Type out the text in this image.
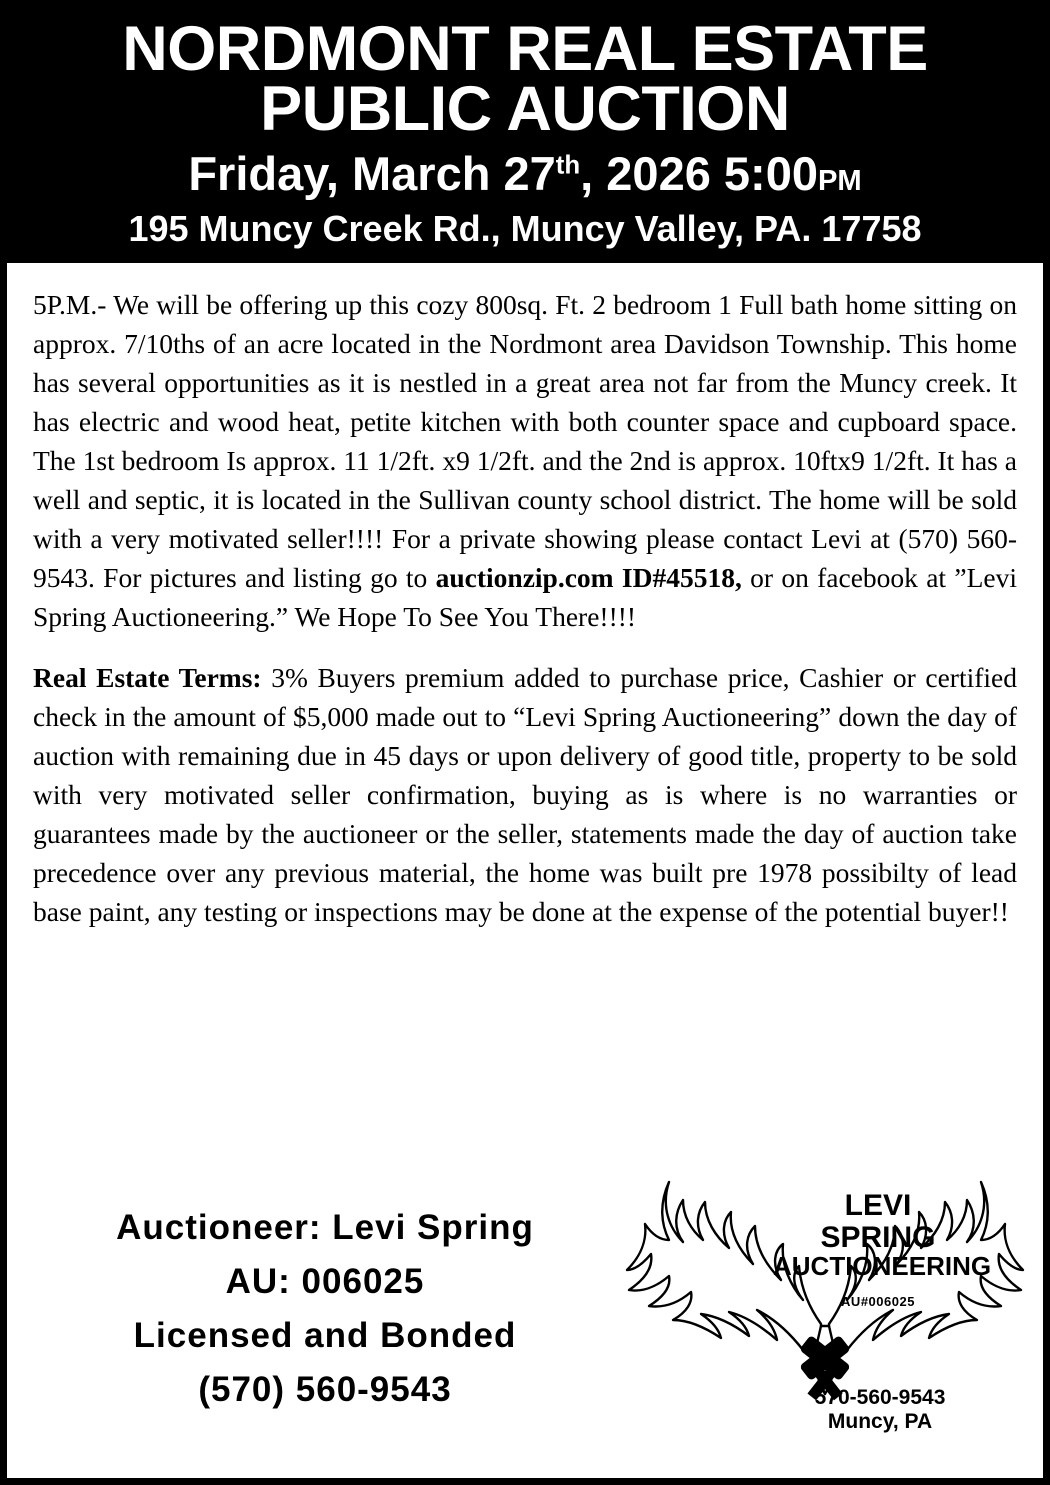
NORDMONT REAL ESTATE
PUBLIC AUCTION
Friday, March 27th, 2026 5:00PM
195 Muncy Creek Rd., Muncy Valley, PA. 17758

5P.M.- We will be offering up this cozy 800sq. Ft. 2 bedroom 1 Full bath home sitting on approx. 7/10ths of an acre located in the Nordmont area Davidson Township. This home has several opportunities as it is nestled in a great area not far from the Muncy creek. It has electric and wood heat, petite kitchen with both counter space and cupboard space. The 1st bedroom Is approx. 11 1/2ft. x9 1/2ft. and the 2nd is approx. 10ftx9 1/2ft. It has a well and septic, it is located in the Sullivan county school district. The home will be sold with a very motivated seller!!!! For a private showing please contact Levi at (570) 560-9543. For pictures and listing go to auctionzip.com ID#45518, or on facebook at ”Levi Spring Auctioneering.” We Hope To See You There!!!!

Real Estate Terms: 3% Buyers premium added to purchase price, Cashier or certified check in the amount of $5,000 made out to “Levi Spring Auctioneering” down the day of auction with remaining due in 45 days or upon delivery of good title, property to be sold with very motivated seller confirmation, buying as is where is no warranties or guarantees made by the auctioneer or the seller, statements made the day of auction take precedence over any previous material, the home was built pre 1978 possibilty of lead base paint, any testing or inspections may be done at the expense of the potential buyer!!

Auctioneer: Levi Spring
AU: 006025
Licensed and Bonded
(570) 560-9543
LEVI
SPRING
AUCTIONEERING
AU#006025
570-560-9543
Muncy, PA
